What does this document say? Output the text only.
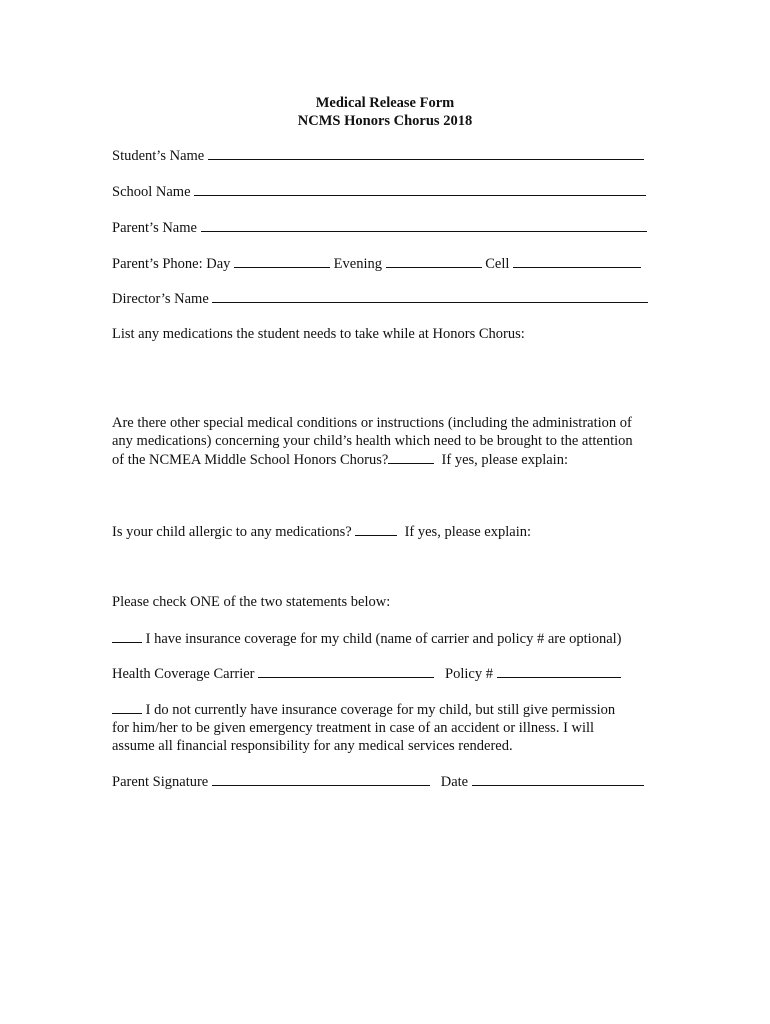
Medical Release Form
NCMS Honors Chorus 2018
Student’s Name
School Name
Parent’s Name
Parent’s Phone: Day	Evening	Cell
Director’s Name
List any medications the student needs to take while at Honors Chorus:
Are there other special medical conditions or instructions (including the administration of
any medications) concerning your child’s health which need to be brought to the attention
of the NCMEA Middle School Honors Chorus?	If yes, please explain:
Is your child allergic to any medications?	If yes, please explain:
Please check ONE of the two statements below:
I have insurance coverage for my child (name of carrier and policy # are optional)
Health Coverage Carrier	Policy #
I do not currently have insurance coverage for my child, but still give permission
for him/her to be given emergency treatment in case of an accident or illness. I will
assume all financial responsibility for any medical services rendered.
Parent Signature	Date
